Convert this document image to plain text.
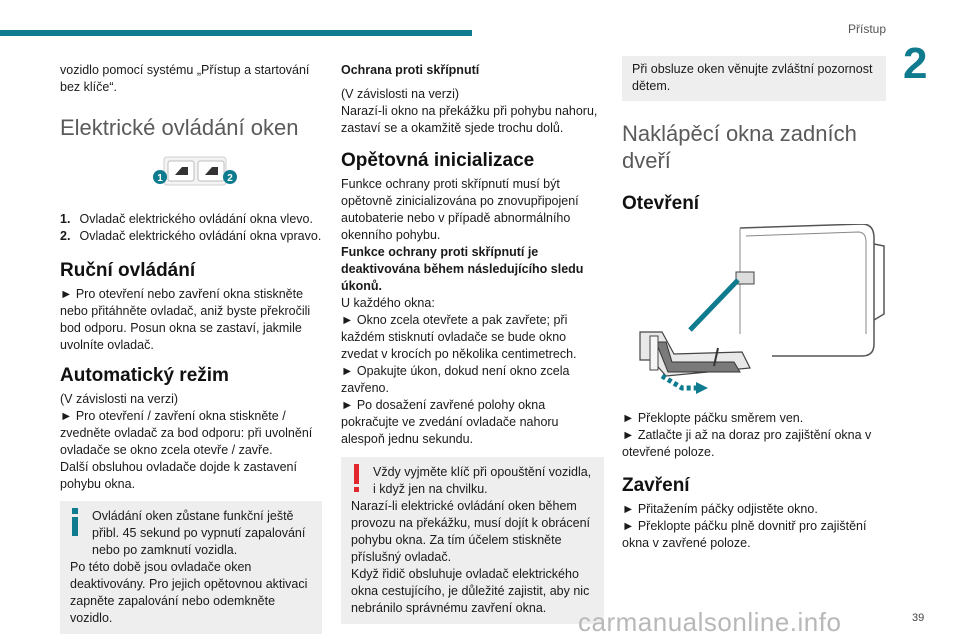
Přístup
2

vozidlo pomocí systému „Přístup a startování bez klíče“.

Elektrické ovládání oken
1	2

1. Ovladač elektrického ovládání okna vlevo.

2. Ovladač elektrického ovládání okna vpravo.

Ruční ovládání

► Pro otevření nebo zavření okna stiskněte nebo přitáhněte ovladač, aniž byste překročili bod odporu. Posun okna se zastaví, jakmile uvolníte ovladač.

Automatický režim

(V závislosti na verzi)

► Pro otevření / zavření okna stiskněte / zvedněte ovladač za bod odporu: při uvolnění ovladače se okno zcela otevře / zavře.

Další obsluhou ovladače dojde k zastavení pohybu okna.

Ovládání oken zůstane funkční ještě přibl. 45 sekund po vypnutí zapalování nebo po zamknutí vozidla.

Po této době jsou ovladače oken deaktivovány. Pro jejich opětovnou aktivaci zapněte zapalování nebo odemkněte vozidlo.

Ochrana proti skřípnutí

(V závislosti na verzi)

Narazí-li okno na překážku při pohybu nahoru, zastaví se a okamžitě sjede trochu dolů.

Opětovná inicializace

Funkce ochrany proti skřípnutí musí být opětovně zinicializována po znovupřipojení autobaterie nebo v případě abnormálního okenního pohybu.

Funkce ochrany proti skřípnutí je deaktivována během následujícího sledu úkonů.

U každého okna:

► Okno zcela otevřete a pak zavřete; při každém stisknutí ovladače se bude okno zvedat v krocích po několika centimetrech.

► Opakujte úkon, dokud není okno zcela zavřeno.

► Po dosažení zavřené polohy okna pokračujte ve zvedání ovladače nahoru alespoň jednu sekundu.

Vždy vyjměte klíč při opouštění vozidla, i když jen na chvilku.

Narazí-li elektrické ovládání oken během provozu na překážku, musí dojít k obrácení pohybu okna. Za tím účelem stiskněte příslušný ovladač.

Když řidič obsluhuje ovladač elektrického okna cestujícího, je důležité zajistit, aby nic nebránilo správnému zavření okna.

Při obsluze oken věnujte zvláštní pozornost dětem.

Naklápěcí okna zadních dveří
Otevření

► Překlopte páčku směrem ven.

► Zatlačte ji až na doraz pro zajištění okna v otevřené poloze.

Zavření

► Přitažením páčky odjistěte okno.

► Překlopte páčku plně dovnitř pro zajištění okna v zavřené poloze.

carmanualsonline.info	39
